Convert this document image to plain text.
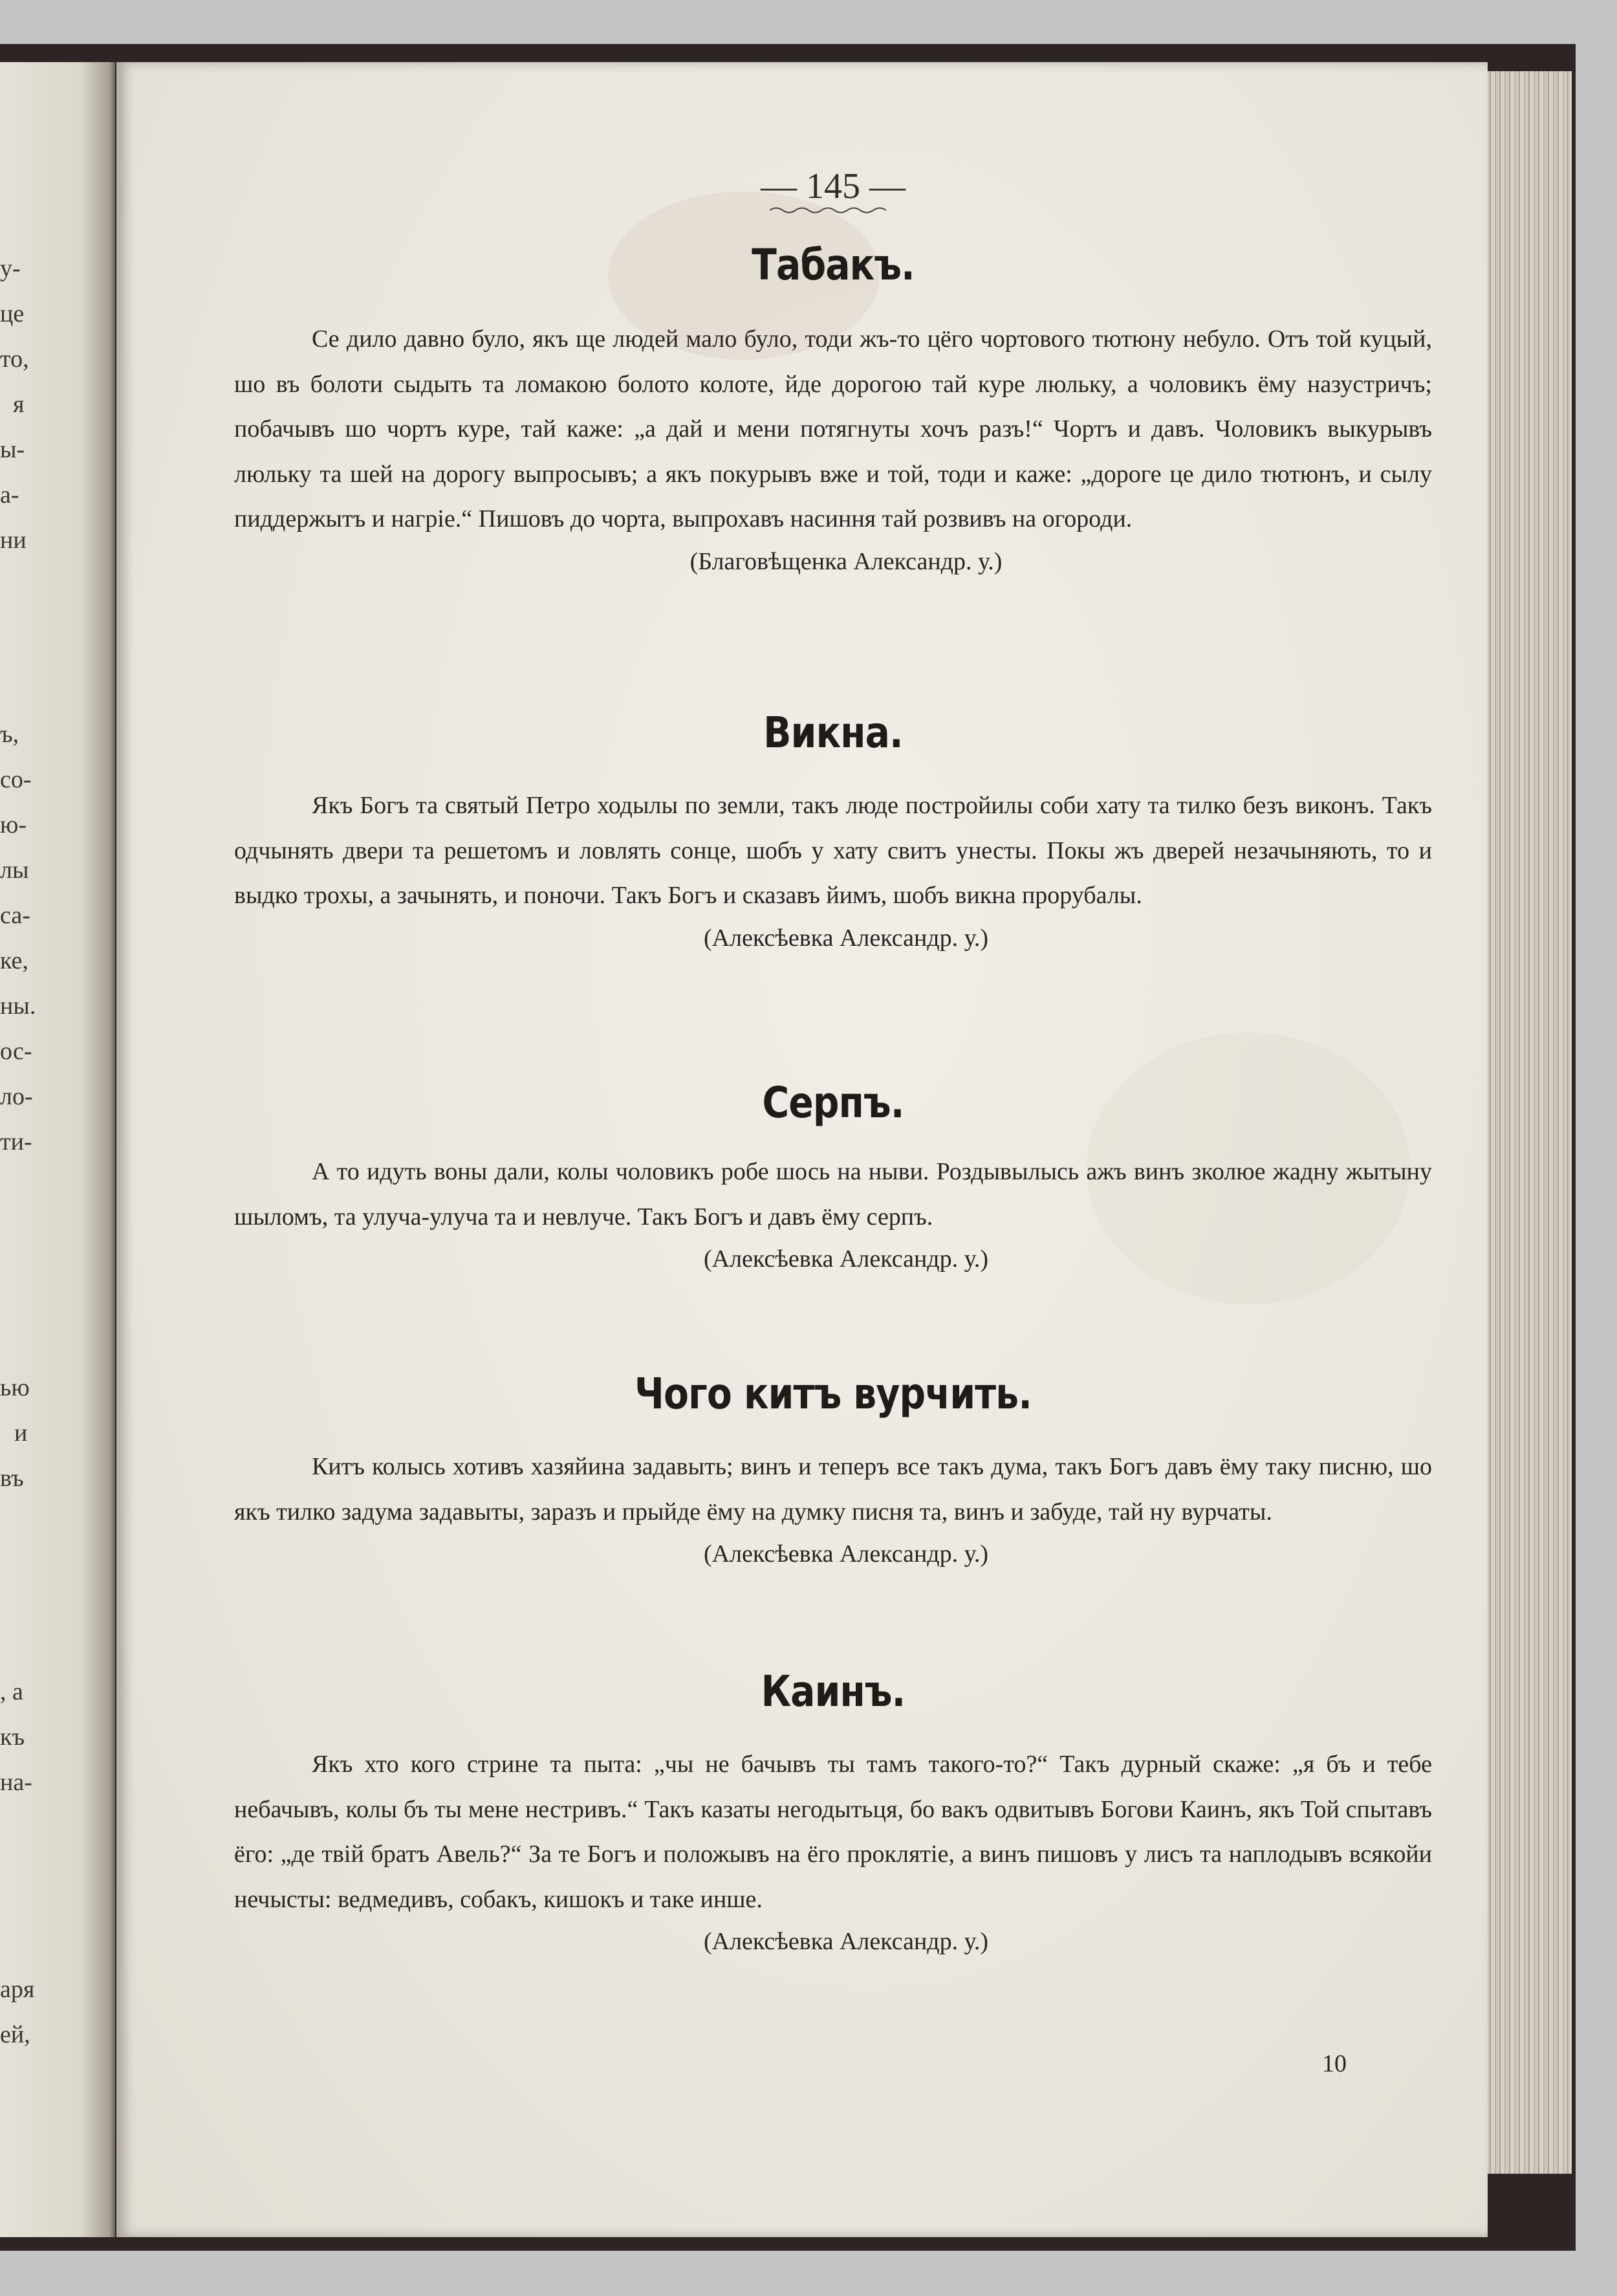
у-
це
то,
я
ы-
а-
ни
ъ,
со-
ю-
лы
са-
ке,
ны.
ос-
ло-
ти-
ью
и
въ
, а
къ
на-
аря
ей,
— 145 —
Табакъ.

Се дило давно було, якъ ще людей мало було, тоди жъ-то цёго чортового тютюну небуло. Отъ той куцый, шо въ болоти сыдыть та ломакою болото колоте, йде дорогою тай куре люльку, а чоловикъ ёму назустричъ; побачывъ шо чортъ куре, тай каже: „а дай и мени потягнуты хочъ разъ!“ Чортъ и давъ. Чоловикъ выкурывъ люльку та шей на дорогу выпросывъ; а якъ покурывъ вже и той, тоди и каже: „дороге це дило тютюнъ, и сылу пиддержытъ и нагріе.“ Пишовъ до чорта, выпрохавъ насиння тай розвивъ на огороди.

(Благовѣщенка Александр. у.)
Викна.

Якъ Богъ та святый Петро ходылы по земли, такъ люде постройилы соби хату та тилко безъ виконъ. Такъ одчынять двери та решетомъ и ловлять сонце, шобъ у хату свитъ унесты. Покы жъ дверей незачыняють, то и выдко трохы, а зачынять, и поночи. Такъ Богъ и сказавъ йимъ, шобъ викна прорубалы.

(Алексѣевка Александр. у.)
Серпъ.

А то идуть воны дали, колы чоловикъ робе шось на ныви. Роздывылысь ажъ винъ зколюе жадну жытыну шыломъ, та улуча-улуча та и невлуче. Такъ Богъ и давъ ёму серпъ.

(Алексѣевка Александр. у.)
Чого китъ вурчить.

Китъ колысь хотивъ хазяйина задавыть; винъ и теперъ все такъ дума, такъ Богъ давъ ёму таку писню, шо якъ тилко задума задавыты, заразъ и прыйде ёму на думку писня та, винъ и забуде, тай ну вурчаты.

(Алексѣевка Александр. у.)
Каинъ.

Якъ хто кого стрине та пыта: „чы не бачывъ ты тамъ такого-то?“ Такъ дурный скаже: „я бъ и тебе небачывъ, колы бъ ты мене нестривъ.“ Такъ казаты негодытьця, бо вакъ одвитывъ Богови Каинъ, якъ Той спытавъ ёго: „де твій братъ Авель?“ За те Богъ и положывъ на ёго проклятіе, а винъ пишовъ у лисъ та наплодывъ всякойи нечысты: ведмедивъ, собакъ, кишокъ и таке инше.

(Алексѣевка Александр. у.)
10
